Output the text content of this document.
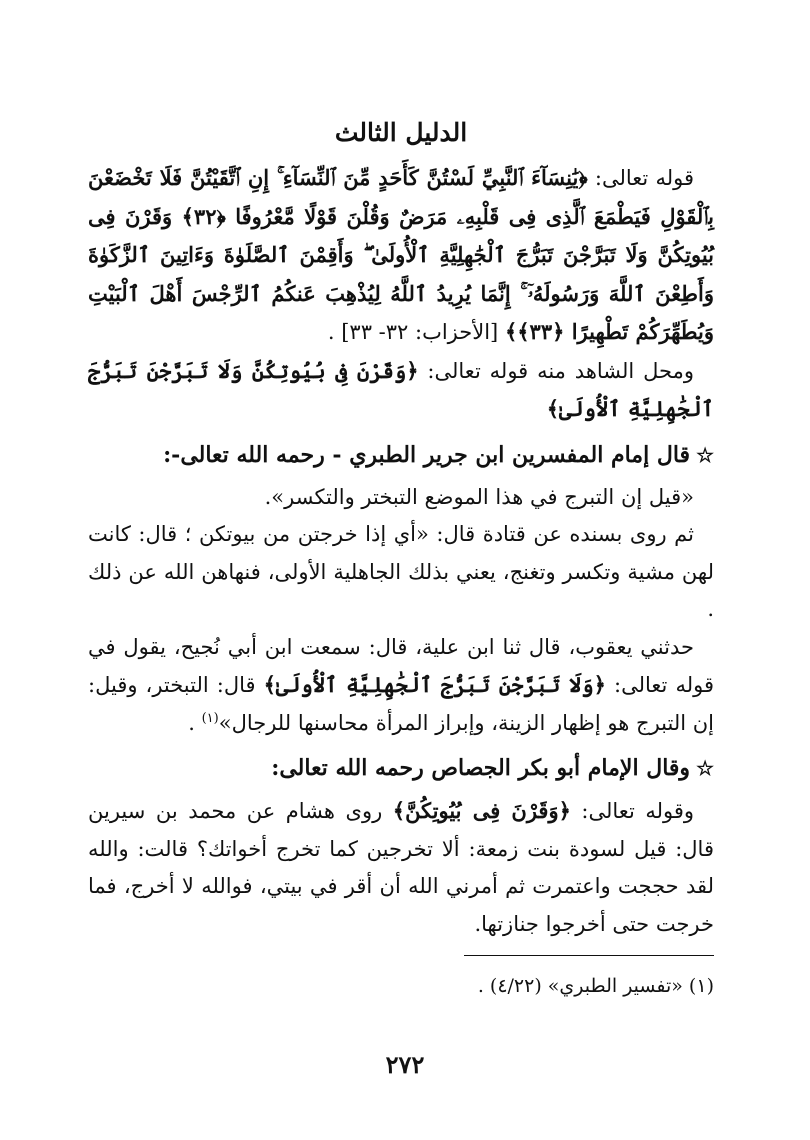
الدليل الثالث

قوله تعالى: ﴿يَٰنِسَآءَ ٱلنَّبِيِّ لَسْتُنَّ كَأَحَدٍ مِّنَ ٱلنِّسَآءِ ۚ إِنِ ٱتَّقَيْتُنَّ فَلَا تَخْضَعْنَ بِٱلْقَوْلِ فَيَطْمَعَ ٱلَّذِى فِى قَلْبِهِۦ مَرَضٌ وَقُلْنَ قَوْلًا مَّعْرُوفًا ﴿٣٢﴾ وَقَرْنَ فِى بُيُوتِكُنَّ وَلَا تَبَرَّجْنَ تَبَرُّجَ ٱلْجَٰهِلِيَّةِ ٱلْأُولَىٰ ۖ وَأَقِمْنَ ٱلصَّلَوٰةَ وَءَاتِينَ ٱلزَّكَوٰةَ وَأَطِعْنَ ٱللَّهَ وَرَسُولَهُۥٓ ۚ إِنَّمَا يُرِيدُ ٱللَّهُ لِيُذْهِبَ عَنكُمُ ٱلرِّجْسَ أَهْلَ ٱلْبَيْتِ وَيُطَهِّرَكُمْ تَطْهِيرًا ﴿٣٣﴾﴾ [الأحزاب: ٣٢- ٣٣] .

ومحل الشاهد منه قوله تعالى: ﴿وَقَرْنَ فِى بُيُوتِكُنَّ وَلَا تَبَرَّجْنَ تَبَرُّجَ ٱلْجَٰهِلِيَّةِ ٱلْأُولَىٰ﴾

☆قال إمام المفسرين ابن جرير الطبري - رحمه الله تعالى-:

«قيل إن التبرج في هذا الموضع التبختر والتكسر».

ثم روى بسنده عن قتادة قال: «أي إذا خرجتن من بيوتكن ؛ قال: كانت لهن مشية وتكسر وتغنج، يعني بذلك الجاهلية الأولى، فنهاهن الله عن ذلك .

حدثني يعقوب، قال ثنا ابن علية، قال: سمعت ابن أبي نُجيح، يقول في قوله تعالى: ﴿وَلَا تَبَرَّجْنَ تَبَرُّجَ ٱلْجَٰهِلِيَّةِ ٱلْأُولَىٰ﴾ قال: التبختر، وقيل: إن التبرج هو إظهار الزينة، وإبراز المرأة محاسنها للرجال»$^{(١)}$ .

☆وقال الإمام أبو بكر الجصاص رحمه الله تعالى:

وقوله تعالى: ﴿وَقَرْنَ فِى بُيُوتِكُنَّ﴾ روى هشام عن محمد بن سيرين قال: قيل لسودة بنت زمعة: ألا تخرجين كما تخرج أخواتك؟ قالت: والله لقد حججت واعتمرت ثم أمرني الله أن أقر في بيتي، فوالله لا أخرج، فما خرجت حتى أخرجوا جنازتها.

(١) «تفسير الطبري» (٤/٢٢) .

٢٧٢
